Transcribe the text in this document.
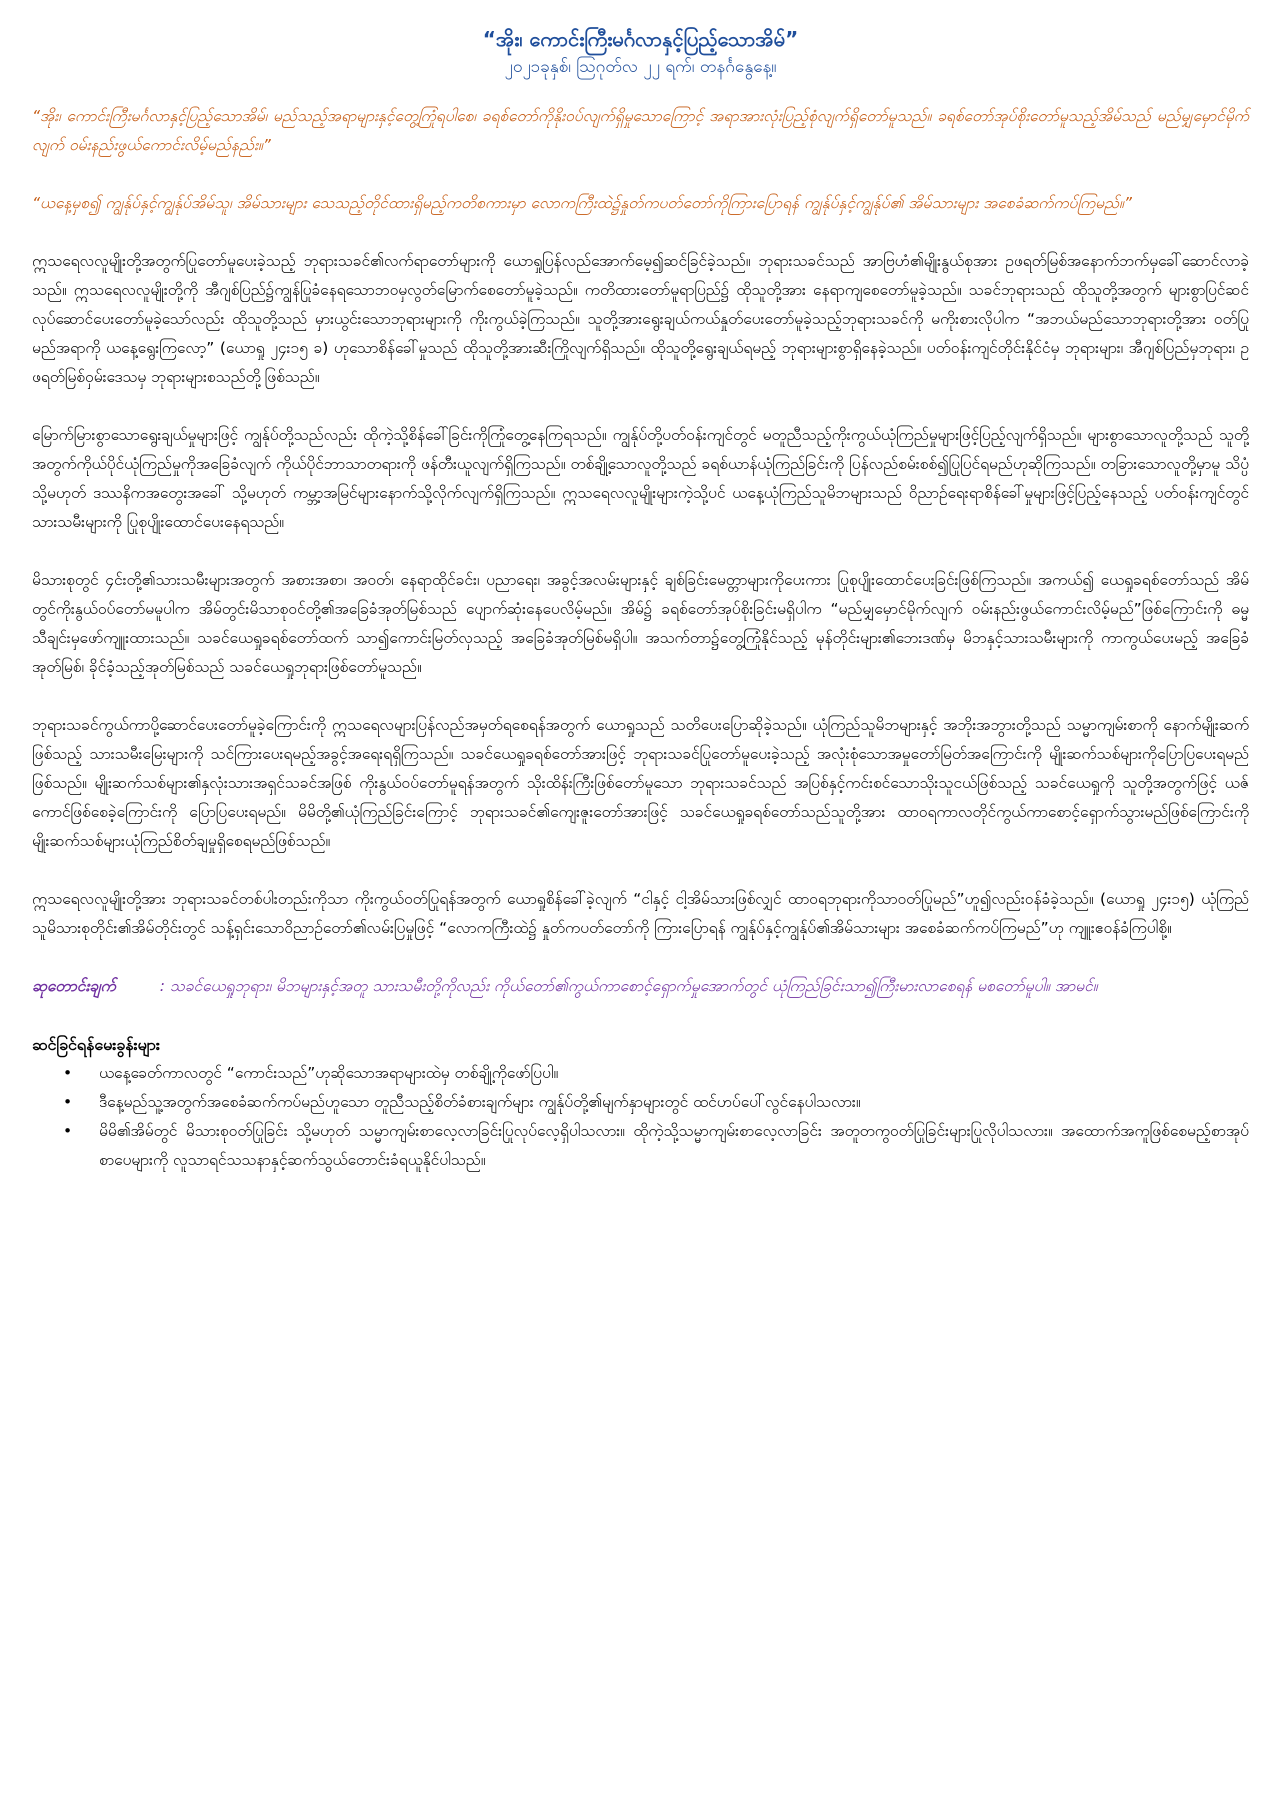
“အိုး၊ ကောင်းကြီးမင်္ဂလာနှင့်ပြည့်သောအိမ်”
၂၀၂၁ခုနှစ်၊ ဩဂုတ်လ ၂၂ ရက်၊ တနင်္ဂနွေနေ့။

“အိုး၊ ကောင်းကြီးမင်္ဂလာနှင့်ပြည့်သောအိမ်၊ မည်သည့်အရာများနှင့်တွေ့ကြုံရပါစေ၊ ခရစ်တော်ကိုနိုးဝပ်လျက်ရှိမှုသောကြောင့် အရာအားလုံးပြည့်စုံလျက်ရှိတော်မူသည်။ ခရစ်တော်အုပ်စိုးတော်မူသည့်အိမ်သည် မည်မျှမှောင်မိုက်လျက် ဝမ်းနည်းဖွယ်ကောင်းလိမ့်မည်နည်း။”

“ယနေ့မှစ၍ ကျွန်ုပ်နှင့်ကျွန်ုပ်အိမ်သူ၊ အိမ်သားများ သေသည့်တိုင်ထားရှိမည့်ကတိစကားမှာ လောကကြီးထဲ၌နှုတ်ကပတ်တော်ကိုကြားပြောရန် ကျွန်ုပ်နှင့်ကျွန်ုပ်၏ အိမ်သားများ အစေခံဆက်ကပ်ကြမည်။”

ဣသရေလလူမျိုးတို့အတွက်ပြုတော်မူပေးခဲ့သည့် ဘုရားသခင်၏လက်ရာတော်များကို ယောရှုပြန်လည်အောက်မေ့၍ဆင်ခြင်ခဲ့သည်။ ဘုရားသခင်သည် အာဗြဟံ၏မျိုးနွယ်စုအား ဥဖရတ်မြစ်အနောက်ဘက်မှခေါ်ဆောင်လာခဲ့သည်။ ဣသရေလလူမျိုးတို့ကို အီဂျစ်ပြည်၌ကျွန်ပြုခံနေရသောဘဝမှလွတ်မြောက်စေတော်မူခဲ့သည်။ ကတိထားတော်မူရာပြည်၌ ထိုသူတို့အား နေရာကျစေတော်မူခဲ့သည်။ သခင်ဘုရားသည် ထိုသူတို့အတွက် များစွာပြင်ဆင်လုပ်ဆောင်ပေးတော်မူခဲ့သော်လည်း ထိုသူတို့သည် မှားယွင်းသောဘုရားများကို ကိုးကွယ်ခဲ့ကြသည်။ သူတို့အားရွေးချယ်ကယ်နှုတ်ပေးတော်မူခဲ့သည့်ဘုရားသခင်ကို မကိုးစားလိုပါက “အဘယ်မည်သောဘုရားတို့အား ဝတ်ပြုမည်အရာကို ယနေ့ရွေးကြလော့” (ယောရှု ၂၄း၁၅ ခ) ဟုသောစိန်ခေါ်မှုသည် ထိုသူတို့အားဆီးကြိုလျက်ရှိသည်။ ထိုသူတို့ရွေးချယ်ရမည့် ဘုရားများစွာရှိနေခဲ့သည်။ ပတ်ဝန်းကျင်တိုင်းနိုင်ငံမှ ဘုရားများ၊ အီဂျစ်ပြည်မှဘုရား၊ ဥဖရတ်မြစ်ဝှမ်းဒေသမှ ဘုရားများစသည်တို့ဖြစ်သည်။

မြောက်မြားစွာသောရွေးချယ်မှုများဖြင့် ကျွန်ုပ်တို့သည်လည်း ထိုကဲ့သို့စိန်ခေါ်ခြင်းကိုကြုံတွေ့နေကြရသည်။ ကျွန်ုပ်တို့ပတ်ဝန်းကျင်တွင် မတူညီသည့်ကိုးကွယ်ယုံကြည်မှုများဖြင့်ပြည့်လျက်ရှိသည်။ များစွာသောလူတို့သည် သူတို့အတွက်ကိုယ်ပိုင်ယုံကြည်မှုကိုအခြေခံလျက် ကိုယ်ပိုင်ဘာသာတရားကို ဖန်တီးယူလျက်ရှိကြသည်။ တစ်ချို့သောလူတို့သည် ခရစ်ယာန်ယုံကြည်ခြင်းကို ပြန်လည်စမ်းစစ်၍ပြုပြင်ရမည်ဟုဆိုကြသည်။ တခြားသောလူတို့မှာမူ သိပ္ပံ သို့မဟုတ် ဒဿနိကအတွေးအခေါ် သို့မဟုတ် ကမ္ဘာ့အမြင်များနောက်သို့လိုက်လျက်ရှိကြသည်။ ဣသရေလလူမျိုးများကဲ့သို့ပင် ယနေ့ယုံကြည်သူမိဘများသည် ဝိညာဉ်ရေးရာစိန်ခေါ်မှုများဖြင့်ပြည့်နေသည့် ပတ်ဝန်းကျင်တွင် သားသမီးများကို ပြုစုပျိုးထောင်ပေးနေရသည်။

မိသားစုတွင် ၄င်းတို့၏သားသမီးများအတွက် အစားအစာ၊ အဝတ်၊ နေရာထိုင်ခင်း၊ ပညာရေး၊ အခွင့်အလမ်းများနှင့် ချစ်ခြင်းမေတ္တာများကိုပေးကား ပြုစုပျိုးထောင်ပေးခြင်းဖြစ်ကြသည်။ အကယ်၍ ယေရှုခရစ်တော်သည် အိမ်တွင်ကိုးနွယ်ဝပ်တော်မမူပါက အိမ်တွင်းမိသာစုဝင်တို့၏အခြေခံအုတ်မြစ်သည် ပျောက်ဆုံးနေပေလိမ့်မည်။ အိမ်၌ ခရစ်တော်အုပ်စိုးခြင်းမရှိပါက “မည်မျှမှောင်မိုက်လျက် ဝမ်းနည်းဖွယ်ကောင်းလိမ့်မည်”ဖြစ်ကြောင်းကို ဓမ္မသီချင်းမှဖော်ကျူးထားသည်။ သခင်ယေရှုခရစ်တော်ထက် သာ၍ကောင်းမြတ်လှသည့် အခြေခံအုတ်မြစ်မရှိပါ။ အသက်တာ၌တွေ့ကြုံနိုင်သည့် မုန်တိုင်းများ၏ဘေးဒဏ်မှ မိဘနှင့်သားသမီးများကို ကာကွယ်ပေးမည့် အခြေခံအုတ်မြစ်၊ ခိုင်ခံ့သည့်အုတ်မြစ်သည် သခင်ယေရှုဘုရားဖြစ်တော်မူသည်။

ဘုရားသခင်ကွယ်ကာပို့ဆောင်ပေးတော်မူခဲ့ကြောင်းကို ဣသရေလများပြန်လည်အမှတ်ရစေရန်အတွက် ယောရှုသည် သတိပေးပြောဆိုခဲ့သည်။ ယုံကြည်သူမိဘများနှင့် အဘိုးအဘွားတို့သည် သမ္မာကျမ်းစာကို နောက်မျိုးဆက်ဖြစ်သည့် သားသမီးမြေးများကို သင်ကြားပေးရမည့်အခွင့်အရေးရရှိကြသည်။ သခင်ယေရှုခရစ်တော်အားဖြင့် ဘုရားသခင်ပြုတော်မူပေးခဲ့သည့် အလုံးစုံသောအမှုတော်မြတ်အကြောင်းကို မျိုးဆက်သစ်များကိုပြောပြပေးရမည်ဖြစ်သည်။ မျိုးဆက်သစ်များ၏နှလုံးသားအရှင်သခင်အဖြစ် ကိုးနွယ်ဝပ်တော်မူရန်အတွက် သိုးထိန်းကြီးဖြစ်တော်မူသော ဘုရားသခင်သည် အပြစ်နှင့်ကင်းစင်သောသိုးသူငယ်ဖြစ်သည့် သခင်ယေရှုကို သူတို့အတွက်ဖြင့် ယဇ်ကောင်ဖြစ်စေခဲ့ကြောင်းကို ပြောပြပေးရမည်။ မိမိတို့၏ယုံကြည်ခြင်းကြောင့် ဘုရားသခင်၏ကျေးဇူးတော်အားဖြင့် သခင်ယေရှုခရစ်တော်သည်သူတို့အား ထာဝရကာလတိုင်ကွယ်ကာစောင့်ရှောက်သွားမည်ဖြစ်ကြောင်းကို မျိုးဆက်သစ်များယုံကြည်စိတ်ချမှုရှိစေရမည်ဖြစ်သည်။

ဣသရေလလူမျိုးတို့အား ဘုရားသခင်တစ်ပါးတည်းကိုသာ ကိုးကွယ်ဝတ်ပြုရန်အတွက် ယောရှုစိန်ခေါ်ခဲ့လျက် “ငါနှင့် ငါ့အိမ်သားဖြစ်လျှင် ထာဝရဘုရားကိုသာဝတ်ပြုမည်”ဟူ၍လည်းဝန်ခံခဲ့သည်။ (ယောရှု ၂၄း၁၅) ယုံကြည်သူမိသားစုတိုင်း၏အိမ်တိုင်းတွင် သန့်ရှင်းသောဝိညာဉ်တော်၏လမ်းပြမှုဖြင့် “လောကကြီးထဲ၌ နှုတ်ကပတ်တော်ကို ကြားပြောရန် ကျွန်ုပ်နှင့်ကျွန်ုပ်၏အိမ်သားများ အစေခံဆက်ကပ်ကြမည်”ဟု ကျူးဧဝန်ခံကြပါစို့။

ဆုတောင်းချက်	: သခင်ယေရှုဘုရား၊ မိဘများနှင့်အတူ သားသမီးတို့ကိုလည်း ကိုယ်တော်၏ကွယ်ကာစောင့်ရှောက်မှုအောက်တွင် ယုံကြည်ခြင်းသာ၍ကြီးမားလာစေရန် မစတော်မူပါ။ အာမင်။

ဆင်ခြင်ရန်မေးခွန်းများ
• ယနေ့ခေတ်ကာလတွင် “ကောင်းသည်”ဟုဆိုသောအရာများထဲမှ တစ်ချို့ကိုဖော်ပြပါ။
• ဒီနေ့မည်သူ့အတွက်အစေခံဆက်ကပ်မည်ဟူသော တူညီသည့်စိတ်ခံစားချက်များ ကျွန်ုပ်တို့၏မျက်နှာများတွင် ထင်ဟပ်ပေါ်လွင်နေပါသလား။
• မိမိ၏အိမ်တွင် မိသားစုဝတ်ပြုခြင်း သို့မဟုတ် သမ္မာကျမ်းစာလေ့လာခြင်းပြုလုပ်လေ့ရှိပါသလား။ ထိုကဲ့သို့သမ္မာကျမ်းစာလေ့လာခြင်း အတူတကွဝတ်ပြုခြင်းများပြုလိုပါသလား။ အထောက်အကူဖြစ်စေမည့်စာအုပ်စာပေများကို လူသာရင်သသနာနှင့်ဆက်သွယ်တောင်းခံရယူနိုင်ပါသည်။
